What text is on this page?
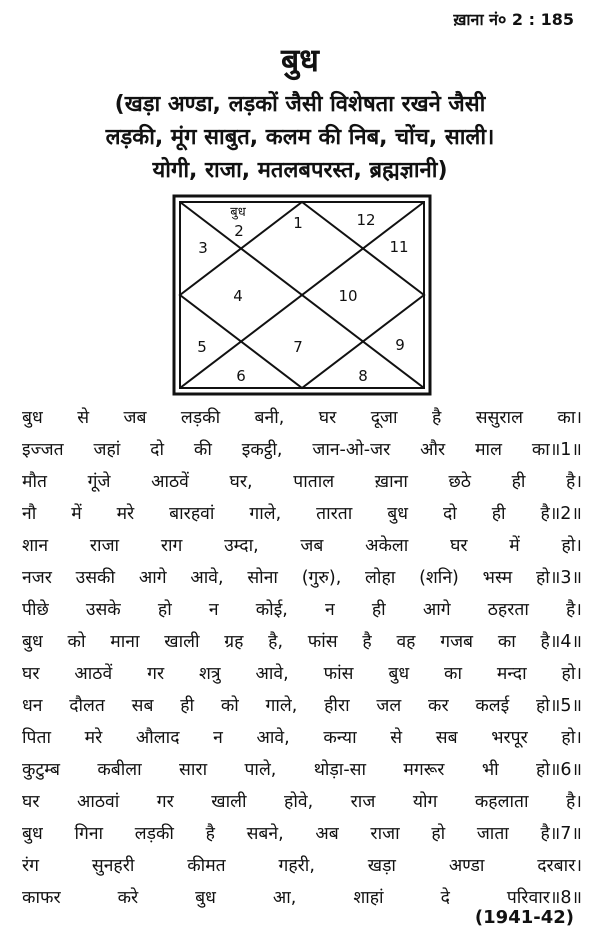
ख़ाना नं० 2 : 185
बुध
(खड़ा अण्डा, लड़कों जैसी विशेषता रखने जैसी
लड़की, मूंग साबुत, कलम की निब, चोंच, साली।
योगी, राजा, मतलबपरस्त, ब्रह्मज्ञानी)
बुध
2	1	12
3	11
4	10
5	7	9
6	8
बुध से जब लड़की बनी, घर दूजा है ससुराल का।
इज्जत जहां दो की इकट्ठी, जान-ओ-जर और माल का॥1॥
मौत गूंजे आठवें घर, पाताल ख़ाना छठे ही है।
नौ में मरे बारहवां गाले, तारता बुध दो ही है॥2॥
शान राजा राग उम्दा, जब अकेला घर में हो।
नजर उसकी आगे आवे, सोना (गुरु), लोहा (शनि) भस्म हो॥3॥
पीछे उसके हो न कोई, न ही आगे ठहरता है।
बुध को माना खाली ग्रह है, फांस है वह गजब का है॥4॥
घर आठवें गर शत्रु आवे, फांस बुध का मन्दा हो।
धन दौलत सब ही को गाले, हीरा जल कर कलई हो॥5॥
पिता मरे औलाद न आवे, कन्या से सब भरपूर हो।
कुटुम्ब कबीला सारा पाले, थोड़ा-सा मगरूर भी हो॥6॥
घर आठवां गर खाली होवे, राज योग कहलाता है।
बुध गिना लड़की है सबने, अब राजा हो जाता है॥7॥
रंग	सुनहरी	कीमत	गहरी,	खड़ा	अण्डा	दरबार।
काफर	करे	बुध	आ,	शाहां	दे	परिवार॥8॥
(1941-42)
